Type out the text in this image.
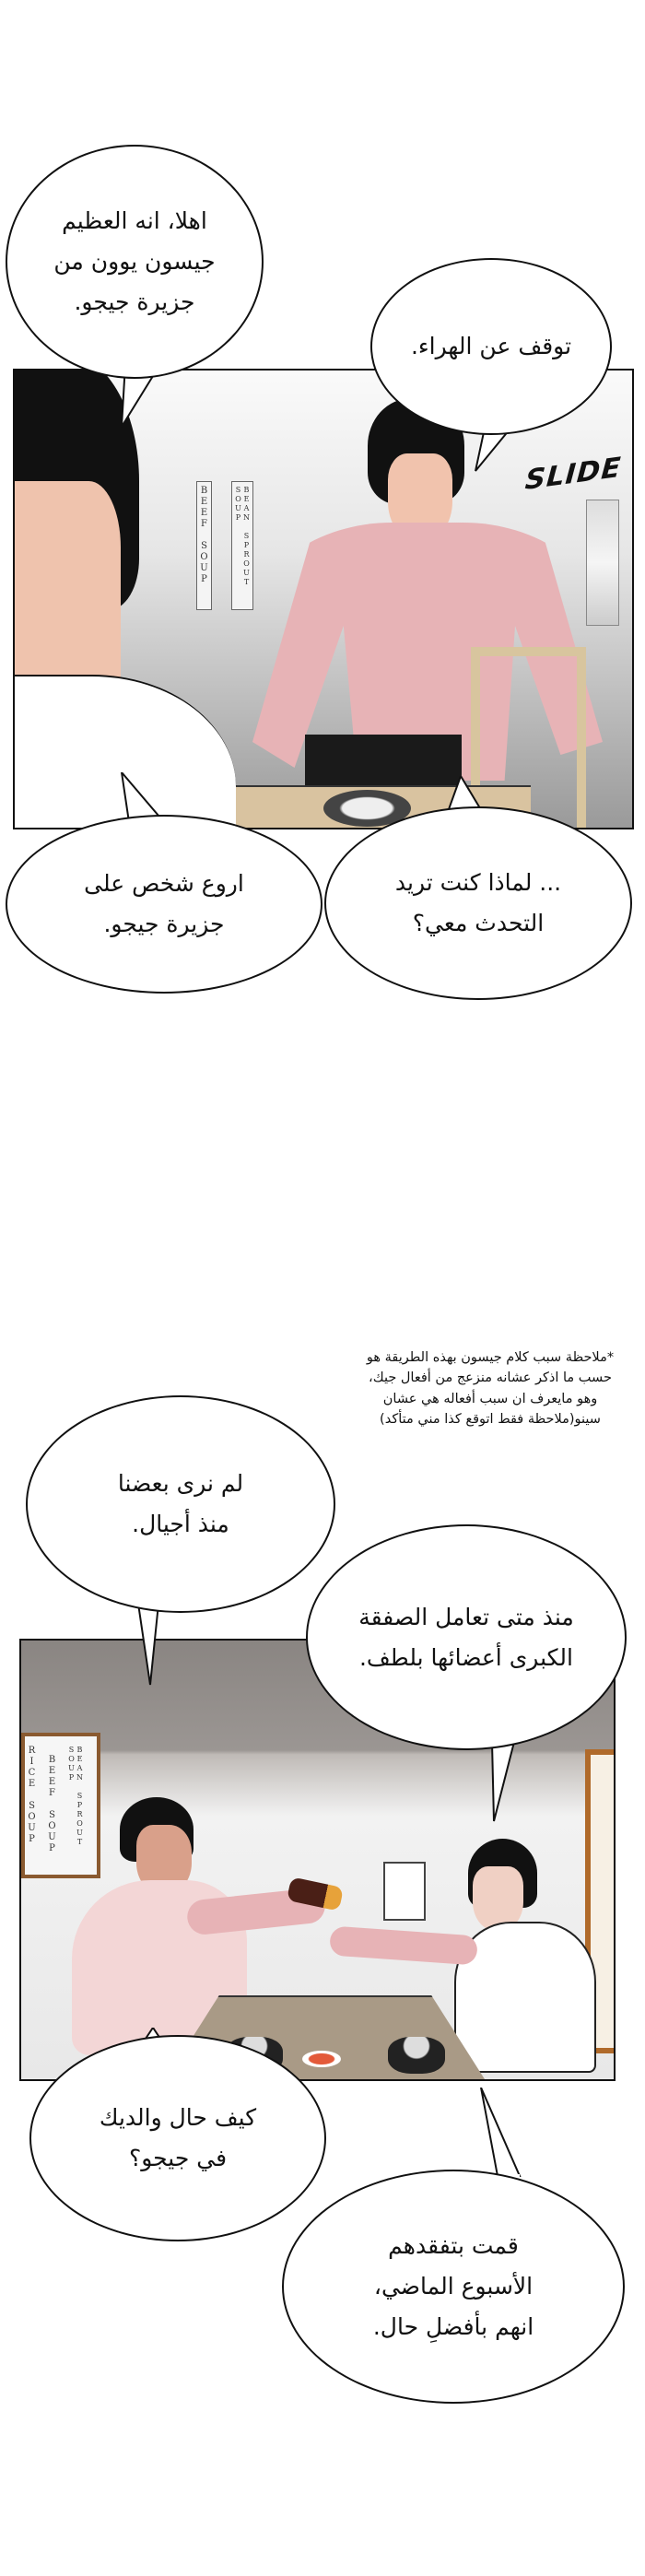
BEEF SOUP	BEAN SPROUT SOUP
SLIDE
RICE SOUP BEEF SOUP	BEAN SPROUT SOUP
اهلا، انه العظيم
جيسون يوون من
جزيرة جيجو.
توقف عن الهراء.
اروع شخص على
جزيرة جيجو.
... لماذا كنت تريد
التحدث معي؟
*ملاحظة سبب كلام جيسون بهذه الطريقة هو
حسب ما اذكر عشانه منزعج من أفعال جيك،
وهو مايعرف ان سبب أفعاله هي عشان
سينو(ملاحظة فقط اتوقع كذا مني متأكد)
لم نرى بعضنا
منذ أجيال.
منذ متى تعامل الصفقة
الكبرى أعضائها بلطف.
كيف حال والديك
في جيجو؟
قمت بتفقدهم
الأسبوع الماضي،
انهم بأفضلِ حال.
